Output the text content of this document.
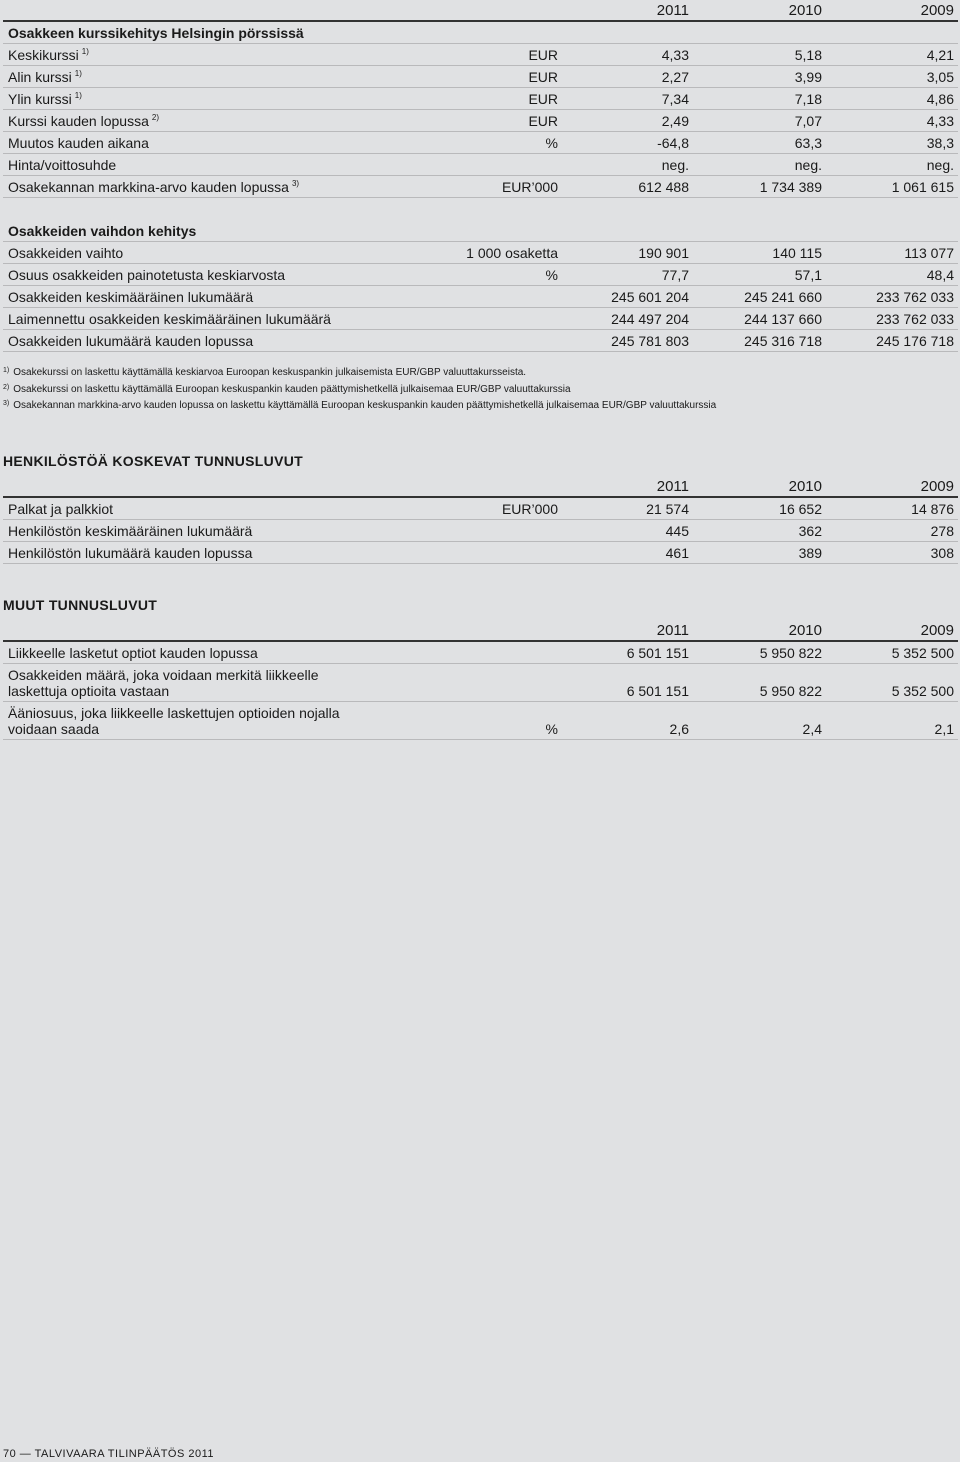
2011	2010	2009
Osakkeen kurssikehitys Helsingin pörssissä
Keskikurssi $^{1)}$	EUR	4,33	5,18	4,21
Alin kurssi $^{1)}$	EUR	2,27	3,99	3,05
Ylin kurssi $^{1)}$	EUR	7,34	7,18	4,86
Kurssi kauden lopussa $^{2)}$	EUR	2,49	7,07	4,33
Muutos kauden aikana	%	-64,8	63,3	38,3
Hinta/voittosuhde	neg.	neg.	neg.
Osakekannan markkina-arvo kauden lopussa $^{3)}$	EUR’000	612 488	1 734 389	1 061 615
Osakkeiden vaihdon kehitys
Osakkeiden vaihto	1 000 osaketta	190 901	140 115	113 077
Osuus osakkeiden painotetusta keskiarvosta	%	77,7	57,1	48,4
Osakkeiden keskimääräinen lukumäärä	245 601 204	245 241 660	233 762 033
Laimennettu osakkeiden keskimääräinen lukumäärä	244 497 204	244 137 660	233 762 033
Osakkeiden lukumäärä kauden lopussa	245 781 803	245 316 718	245 176 718
$^{1)}$ Osakekurssi on laskettu käyttämällä keskiarvoa Euroopan keskuspankin julkaisemista EUR/GBP valuuttakursseista.
$^{2)}$ Osakekurssi on laskettu käyttämällä Euroopan keskuspankin kauden päättymishetkellä julkaisemaa EUR/GBP valuuttakurssia
$^{3)}$ Osakekannan markkina-arvo kauden lopussa on laskettu käyttämällä Euroopan keskuspankin kauden päättymishetkellä julkaisemaa EUR/GBP valuuttakurssia
HENKILÖSTÖÄ KOSKEVAT TUNNUSLUVUT
2011	2010	2009
Palkat ja palkkiot	EUR’000	21 574	16 652	14 876
Henkilöstön keskimääräinen lukumäärä	445	362	278
Henkilöstön lukumäärä kauden lopussa	461	389	308
MUUT TUNNUSLUVUT
2011	2010	2009
Liikkeelle lasketut optiot kauden lopussa	6 501 151	5 950 822	5 352 500
Osakkeiden määrä, joka voidaan merkitä liikkeelle
laskettuja optioita vastaan	6 501 151	5 950 822	5 352 500
Ääniosuus, joka liikkeelle laskettujen optioiden nojalla
voidaan saada	%	2,6	2,4	2,1
70 — TALVIVAARA TILINPÄÄTÖS 2011
